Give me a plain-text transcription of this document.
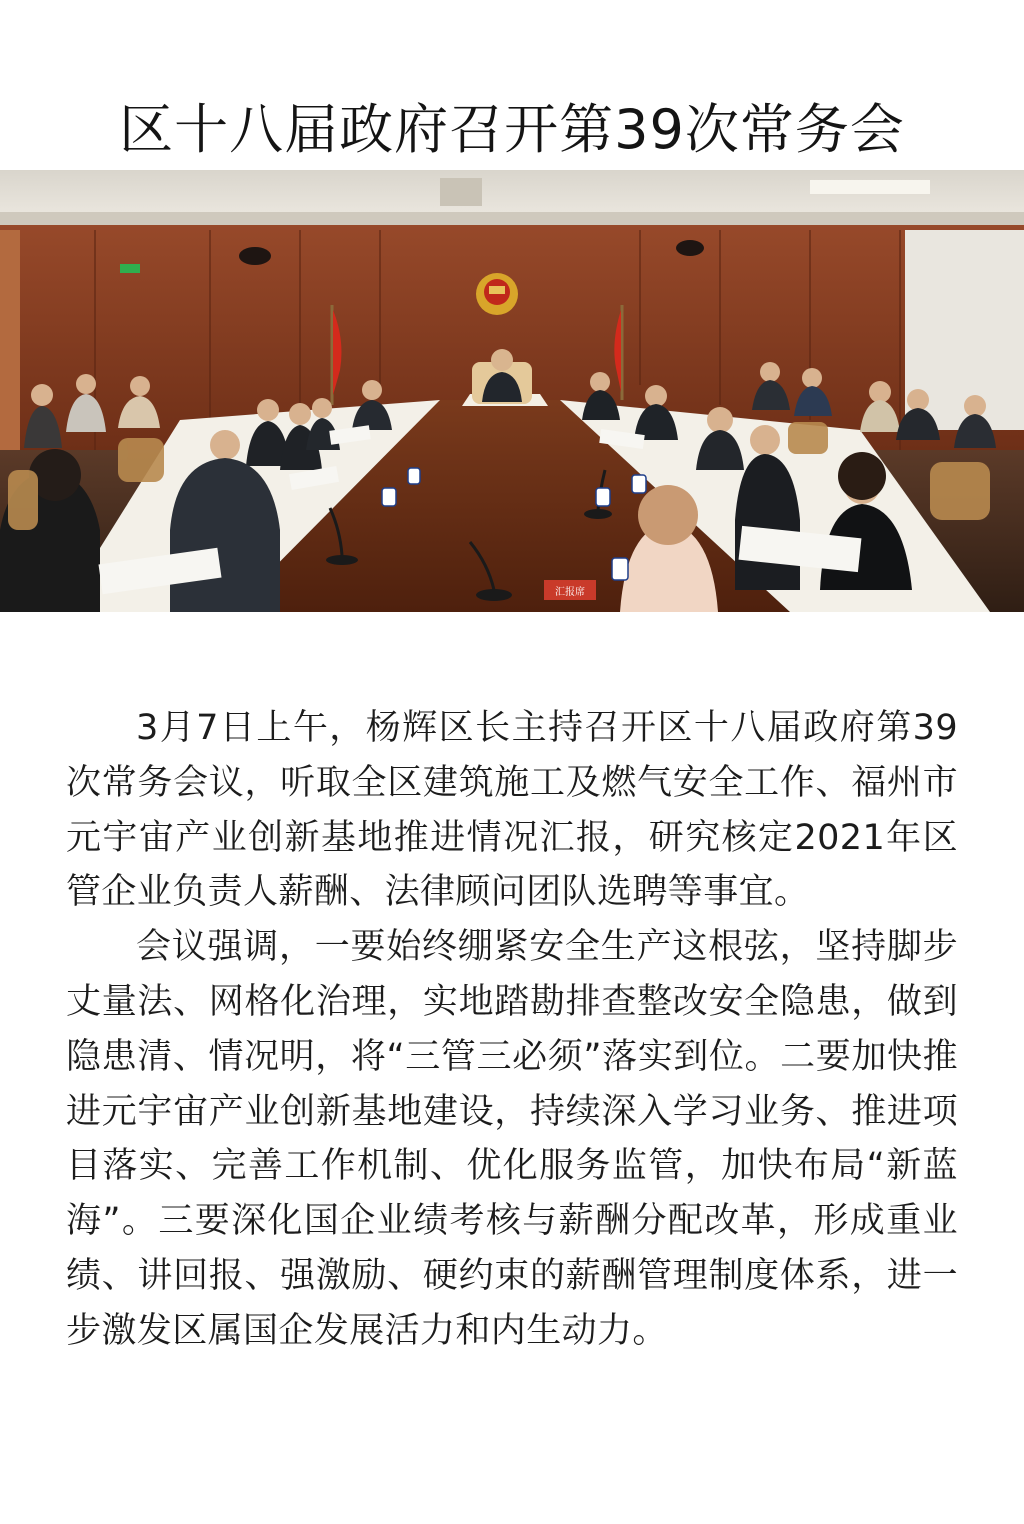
区十八届政府召开第39次常务会
汇报席

3月7日上午，杨辉区长主持召开区十八届政府第39次常务会议，听取全区建筑施工及燃气安全工作、福州市元宇宙产业创新基地推进情况汇报，研究核定2021年区管企业负责人薪酬、法律顾问团队选聘等事宜。

会议强调，一要始终绷紧安全生产这根弦，坚持脚步丈量法、网格化治理，实地踏勘排查整改安全隐患，做到隐患清、情况明，将“三管三必须”落实到位。二要加快推进元宇宙产业创新基地建设，持续深入学习业务、推进项目落实、完善工作机制、优化服务监管，加快布局“新蓝海”。三要深化国企业绩考核与薪酬分配改革，形成重业绩、讲回报、强激励、硬约束的薪酬管理制度体系，进一步激发区属国企发展活力和内生动力。
